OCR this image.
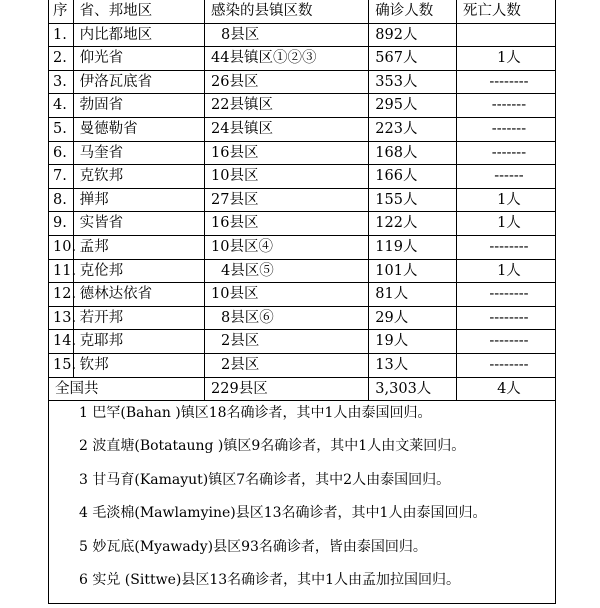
序	省、邦地区	感染的县镇区数	确诊人数	死亡人数
1.	内比都地区	8县区	892人	
2.	仰光省	44县镇区①②③	567人	1人
3.	伊洛瓦底省	26县区	353人	--------
4.	勃固省	22县镇区	295人	-------
5.	曼德勒省	24县镇区	223人	-------
6.	马奎省	16县区	168人	-------
7.	克钦邦	10县区	166人	------
8.	掸邦	27县区	155人	1人
9.	实皆省	16县区	122人	1人
10.	孟邦	10县区④	119人	--------
11.	克伦邦	4县区⑤	101人	1人
12.	德林达依省	10县区	81人	--------
13.	若开邦	8县区⑥	29人	--------
14.	克耶邦	2县区	19人	--------
15.	钦邦	2县区	13人	--------
全国共		229县区	3,303人	4人
1 巴罕(Bahan )镇区18名确诊者，其中1人由泰国回归。
2 波直塘(Botataung )镇区9名确诊者，其中1人由文莱回归。
3 甘马育(Kamayut)镇区7名确诊者，其中2人由泰国回归。
4 毛淡棉(Mawlamyine)县区13名确诊者，其中1人由泰国回归。
5 妙瓦底(Myawady)县区93名确诊者，皆由泰国回归。
6 实兑 (Sittwe)县区13名确诊者，其中1人由孟加拉国回归。
